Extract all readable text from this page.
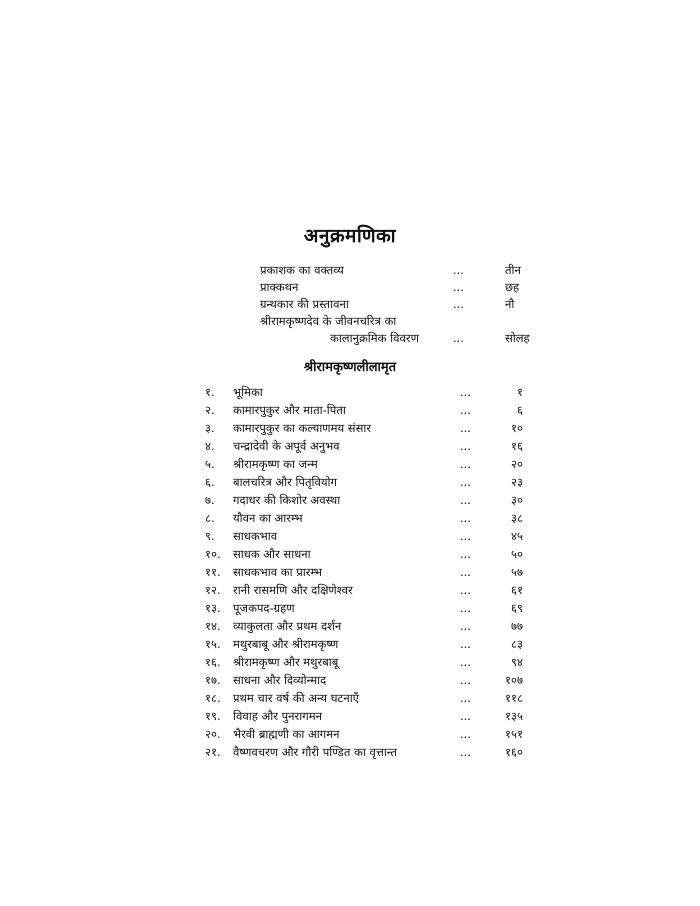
अनुक्रमणिका
प्रकाशक का वक्तव्य	...	तीन
प्राक्कथन	...	छह
ग्रन्थकार की प्रस्तावना	...	नौ
श्रीरामकृष्णदेव के जीवनचरित्र का
कालानुक्रमिक विवरण	...	सोलह
श्रीरामकृष्णलीलामृत
१. भूमिका	...	१
२. कामारपुकुर और माता-पिता	...	६
३. कामारपुकुर का कल्याणमय संसार	...	१०
४. चन्द्रादेवी के अपूर्व अनुभव	...	१६
५. श्रीरामकृष्ण का जन्म	...	२०
६. बालचरित्र और पितृवियोग	...	२३
७. गदाधर की किशोर अवस्था	...	३०
८. यौवन का आरम्भ	...	३८
९. साधकभाव	...	४५
१०. साधक और साधना	...	५०
११. साधकभाव का प्रारम्भ	...	५७
१२. रानी रासमणि और दक्षिणेश्वर	...	६१
१३. पूजकपद-ग्रहण	...	६९
१४. व्याकुलता और प्रथम दर्शन	...	७७
१५. मथुरबाबू और श्रीरामकृष्ण	...	८३
१६. श्रीरामकृष्ण और मथुरबाबू	...	९४
१७. साधना और दिव्योन्माद	...	१०७
१८. प्रथम चार वर्ष की अन्य घटनाएँ	...	११८
१९. विवाह और पुनरागमन	...	१३५
२०. भैरवी ब्राह्मणी का आगमन	...	१५१
२१. वैष्णवचरण और गौरी पण्डित का वृत्तान्त	...	१६०
